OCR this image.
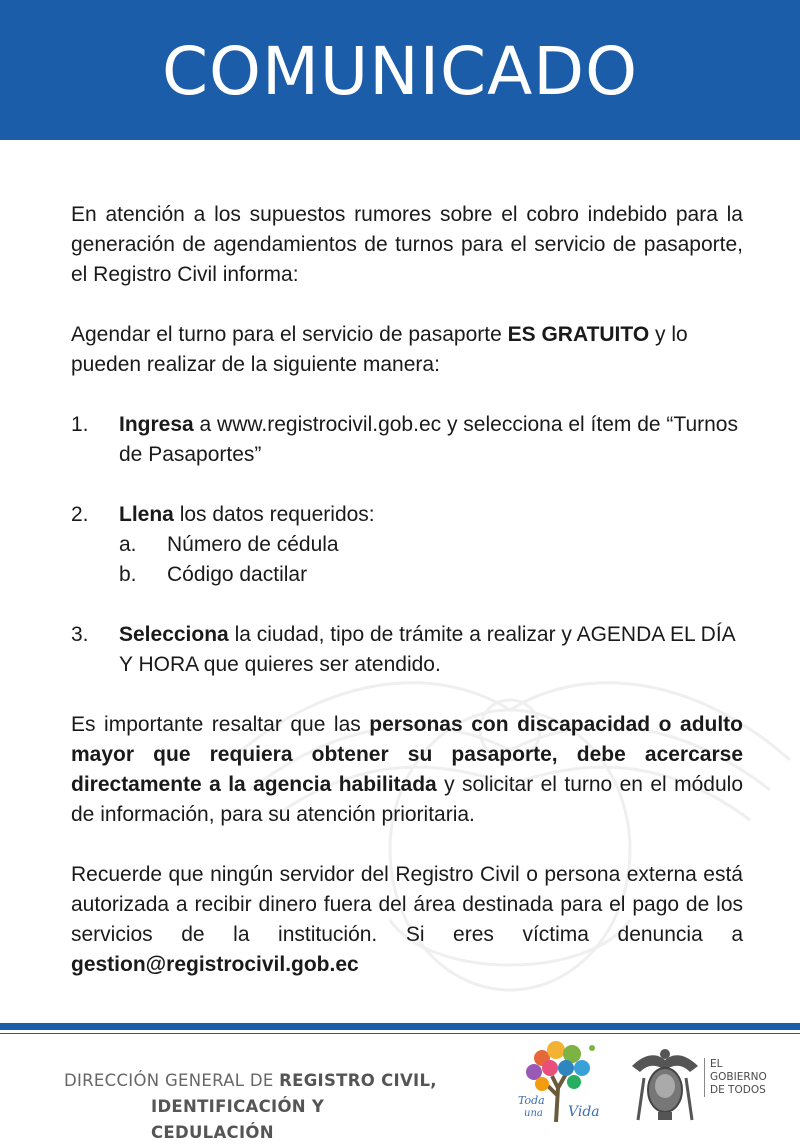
COMUNICADO

En atención a los supuestos rumores sobre el cobro indebido para la generación de agendamientos de turnos para el servicio de pasaporte, el Registro Civil informa:

Agendar el turno para el servicio de pasaporte ES GRATUITO y lo pueden realizar de la siguiente manera:

1.	Ingresa a www.registrocivil.gob.ec y selecciona el ítem de “Turnos de Pasaportes”
2.	Llena los datos requeridos:
a.	Número de cédula
b.	Código dactilar
3.	Selecciona la ciudad, tipo de trámite a realizar y AGENDA EL DÍA Y HORA que quieres ser atendido.

Es importante resaltar que las personas con discapacidad o adulto mayor que requiera obtener su pasaporte, debe acercarse directamente a la agencia habilitada y solicitar el turno en el módulo de información, para su atención prioritaria.

Recuerde que ningún servidor del Registro Civil o persona externa está autorizada a recibir dinero fuera del área destinada para el pago de los servicios de la institución. Si eres víctima denuncia a gestion@registrocivil.gob.ec

DIRECCIÓN GENERAL DE REGISTRO CIVIL,
IDENTIFICACIÓN Y CEDULACIÓN
Toda
una Vida
EL
GOBIERNO
DE TODOS
